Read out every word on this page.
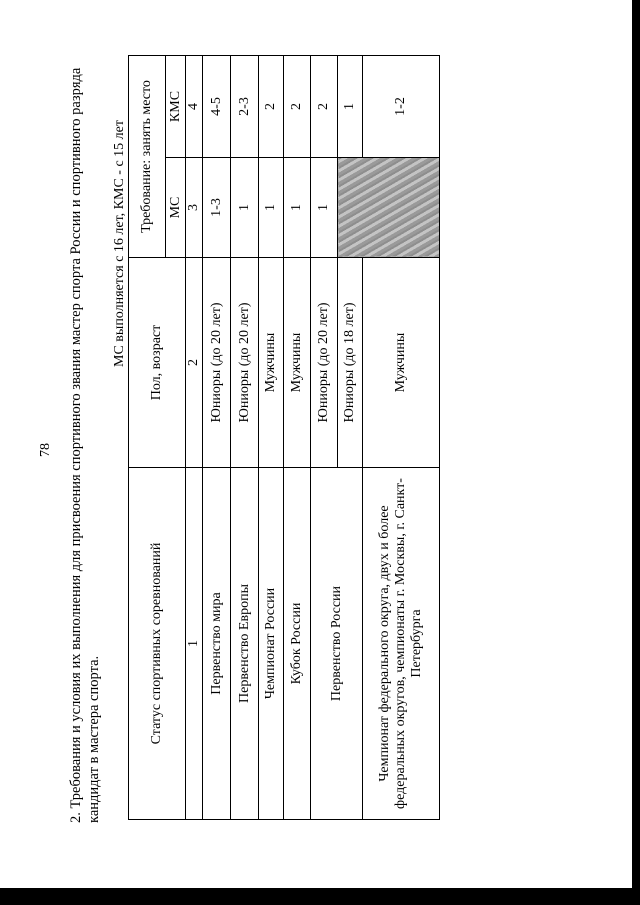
78 2. Требования и условия их выполнения для присвоения спортивного звания мастер спорта России и спортивного разряда кандидат в мастера спорта.
МС выполняется с 16 лет, КМС - с 15 лет
Статус спортивных соревнований	Пол, возраст	Требование: занять место	
		МС	КМС
1	2	3	4
Первенство мира	Юниоры (до 20 лет)	1-3	4-5
Первенство Европы	Юниоры (до 20 лет)	1	2-3
Чемпионат России	Мужчины	1	2
Кубок России	Мужчины	1	2
Первенство России	Юниоры (до 20 лет)	1	2
	Юниоры (до 18 лет)		1
Чемпионат федерального округа, двух и более федеральных округов, чемпионаты г. Москвы, г. Санкт-Петербурга	Мужчины		1-2
